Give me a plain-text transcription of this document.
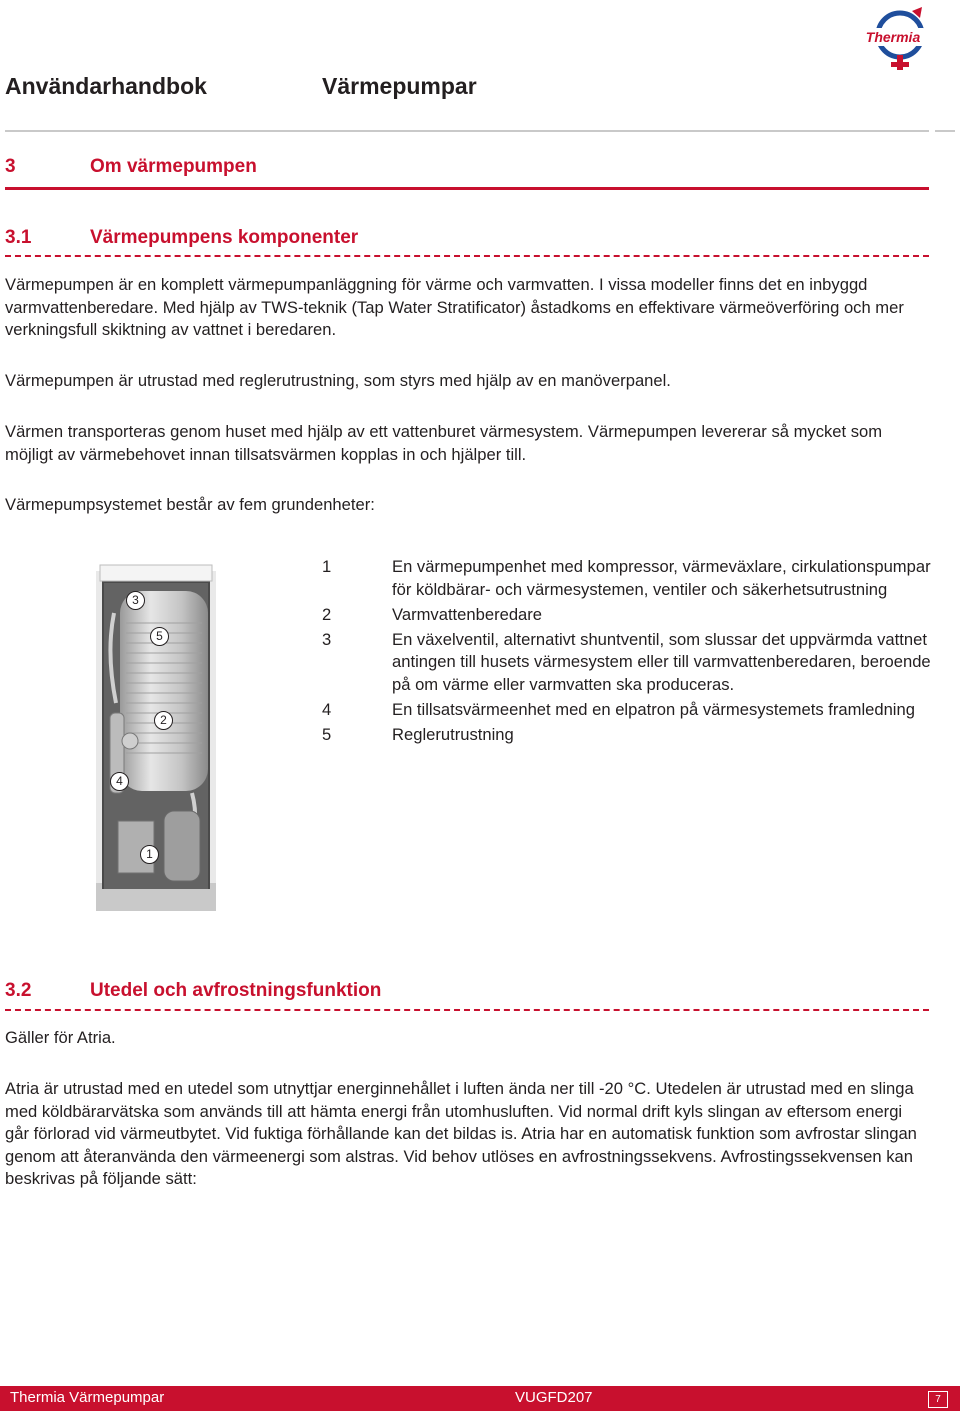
Användarhandbok	Värmepumpar
Thermia
3	Om värmepumpen
3.1	Värmepumpens komponenter

Värmepumpen är en komplett värmepumpanläggning för värme och varmvatten. I vissa modeller finns det en inbyggd varmvattenberedare. Med hjälp av TWS-teknik (Tap Water Stratificator) åstadkoms en effektivare värmeöverföring och mer verkningsfull skiktning av vattnet i beredaren.

Värmepumpen är utrustad med reglerutrustning, som styrs med hjälp av en manöverpanel.

Värmen transporteras genom huset med hjälp av ett vattenburet värmesystem. Värmepumpen levererar så mycket som möjligt av värmebehovet innan tillsatsvärmen kopplas in och hjälper till.

Värmepumpsystemet består av fem grundenheter:

3
5
2
4
1
1	En värmepumpenhet med kompressor, värmeväxlare, cirkulationspumpar för köldbärar- och värmesystemen, ventiler och säkerhetsutrustning
2	Varmvattenberedare
3	En växelventil, alternativt shuntventil, som slussar det uppvärmda vattnet antingen till husets värmesystem eller till varmvattenberedaren, beroende på om värme eller varmvatten ska produceras.
4	En tillsatsvärmeenhet med en elpatron på värmesystemets framledning
5	Reglerutrustning
3.2	Utedel och avfrostningsfunktion

Gäller för Atria.

Atria är utrustad med en utedel som utnyttjar energinnehållet i luften ända ner till -20 °C. Utedelen är utrustad med en slinga med köldbärarvätska som används till att hämta energi från utomhusluften. Vid normal drift kyls slingan av eftersom energi går förlorad vid värmeutbytet. Vid fuktiga förhållande kan det bildas is. Atria har en automatisk funktion som avfrostar slingan genom att återanvända den värmeenergi som alstras. Vid behov utlöses en avfrostningssekvens. Avfrostingssekvensen kan beskrivas på följande sätt:

Thermia Värmepumpar	VUGFD207	7
